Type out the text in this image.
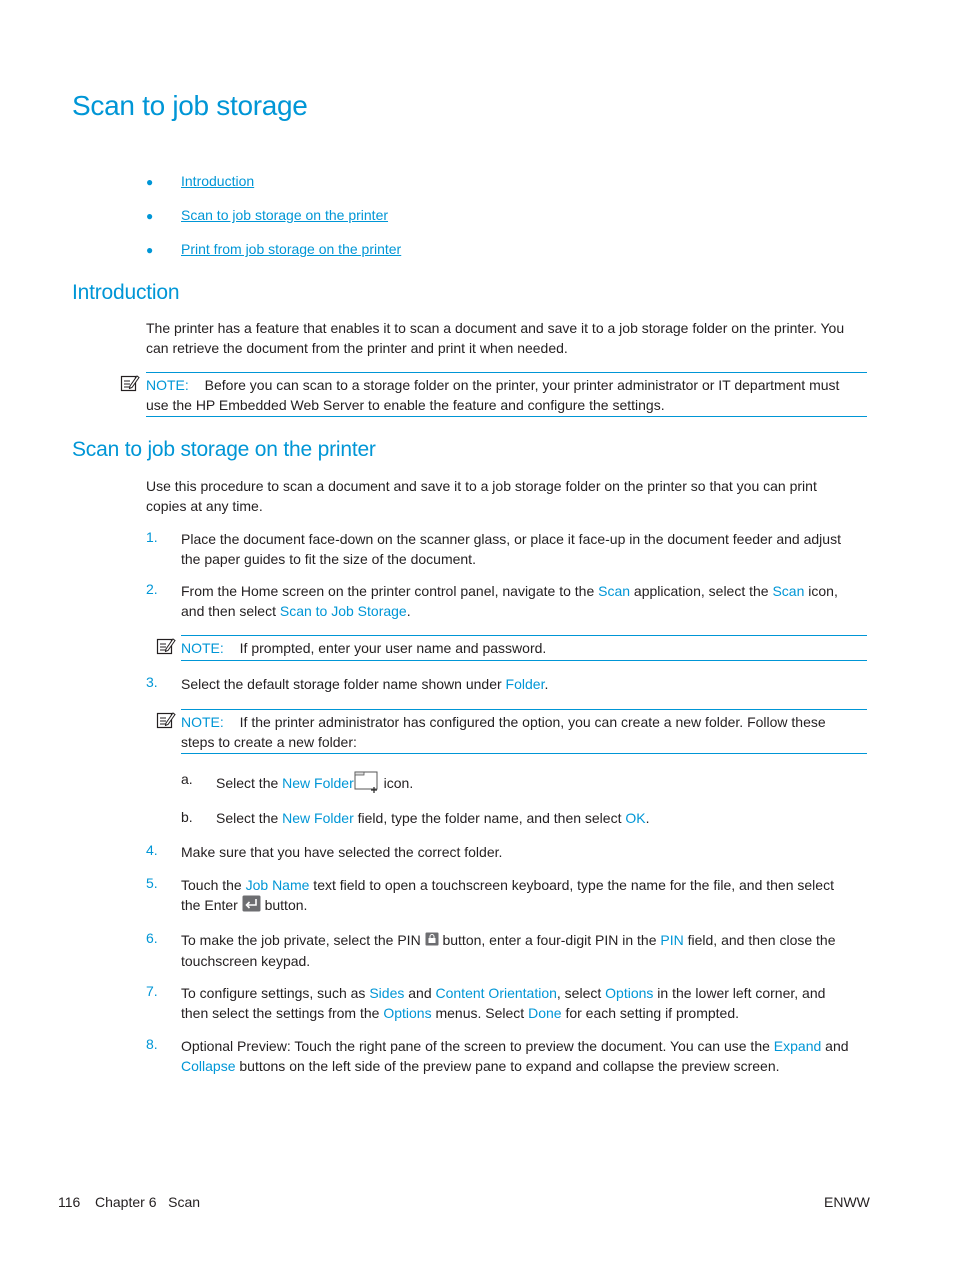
Scan to job storage
● Introduction
● Scan to job storage on the printer
● Print from job storage on the printer
Introduction
The printer has a feature that enables it to scan a document and save it to a job storage folder on the printer. You
can retrieve the document from the printer and print it when needed.
NOTE: Before you can scan to a storage folder on the printer, your printer administrator or IT department must
use the HP Embedded Web Server to enable the feature and configure the settings.
Scan to job storage on the printer
Use this procedure to scan a document and save it to a job storage folder on the printer so that you can print
copies at any time.
1. Place the document face-down on the scanner glass, or place it face-up in the document feeder and adjust
the paper guides to fit the size of the document.
2. From the Home screen on the printer control panel, navigate to the Scan application, select the Scan icon,
and then select Scan to Job Storage.
NOTE: If prompted, enter your user name and password.
3. Select the default storage folder name shown under Folder.
NOTE: If the printer administrator has configured the option, you can create a new folder. Follow these
steps to create a new folder:
a. Select the New Folder icon.
b. Select the New Folder field, type the folder name, and then select OK.
4. Make sure that you have selected the correct folder.
5. Touch the Job Name text field to open a touchscreen keyboard, type the name for the file, and then select
the Enter  button.
6. To make the job private, select the PIN  button, enter a four-digit PIN in the PIN field, and then close the
touchscreen keypad.
7. To configure settings, such as Sides and Content Orientation, select Options in the lower left corner, and
then select the settings from the Options menus. Select Done for each setting if prompted.
8. Optional Preview: Touch the right pane of the screen to preview the document. You can use the Expand and
Collapse buttons on the left side of the preview pane to expand and collapse the preview screen.
116 Chapter 6   Scan	ENWW
